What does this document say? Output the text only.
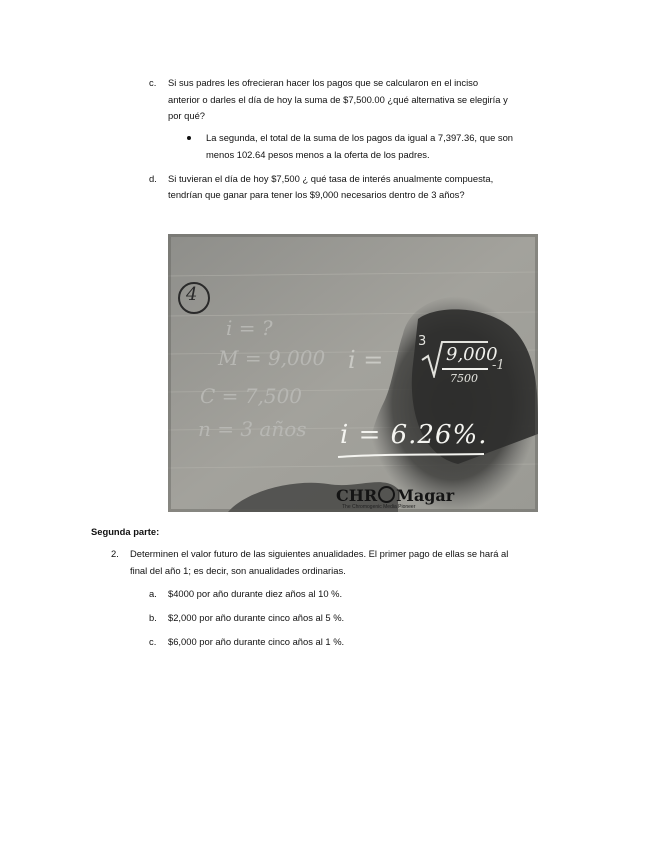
c. Si sus padres les ofrecieran hacer los pagos que se calcularon en el inciso
anterior o darles el día de hoy la suma de $7,500.00 ¿qué alternativa se elegiría y
por qué?
La segunda, el total de la suma de los pagos da igual a 7,397.36, que son
menos 102.64 pesos menos a la oferta de los padres.
d. Si tuvieran el día de hoy $7,500 ¿ qué tasa de interés anualmente compuesta,
tendrían que ganar para tener los $9,000 necesarios dentro de 3 años?
4
i = ?
M = 9,000
C = 7,500
n = 3 años
i =
3
9,000
7500
-1
i = 6.26%.
CHR Magar
The Chromogenic Media Pioneer
Segunda parte:
2. Determinen el valor futuro de las siguientes anualidades. El primer pago de ellas se hará al
final del año 1; es decir, son anualidades ordinarias.
a. $4000 por año durante diez años al 10 %.
b. $2,000 por año durante cinco años al 5 %.
c. $6,000 por año durante cinco años al 1 %.
